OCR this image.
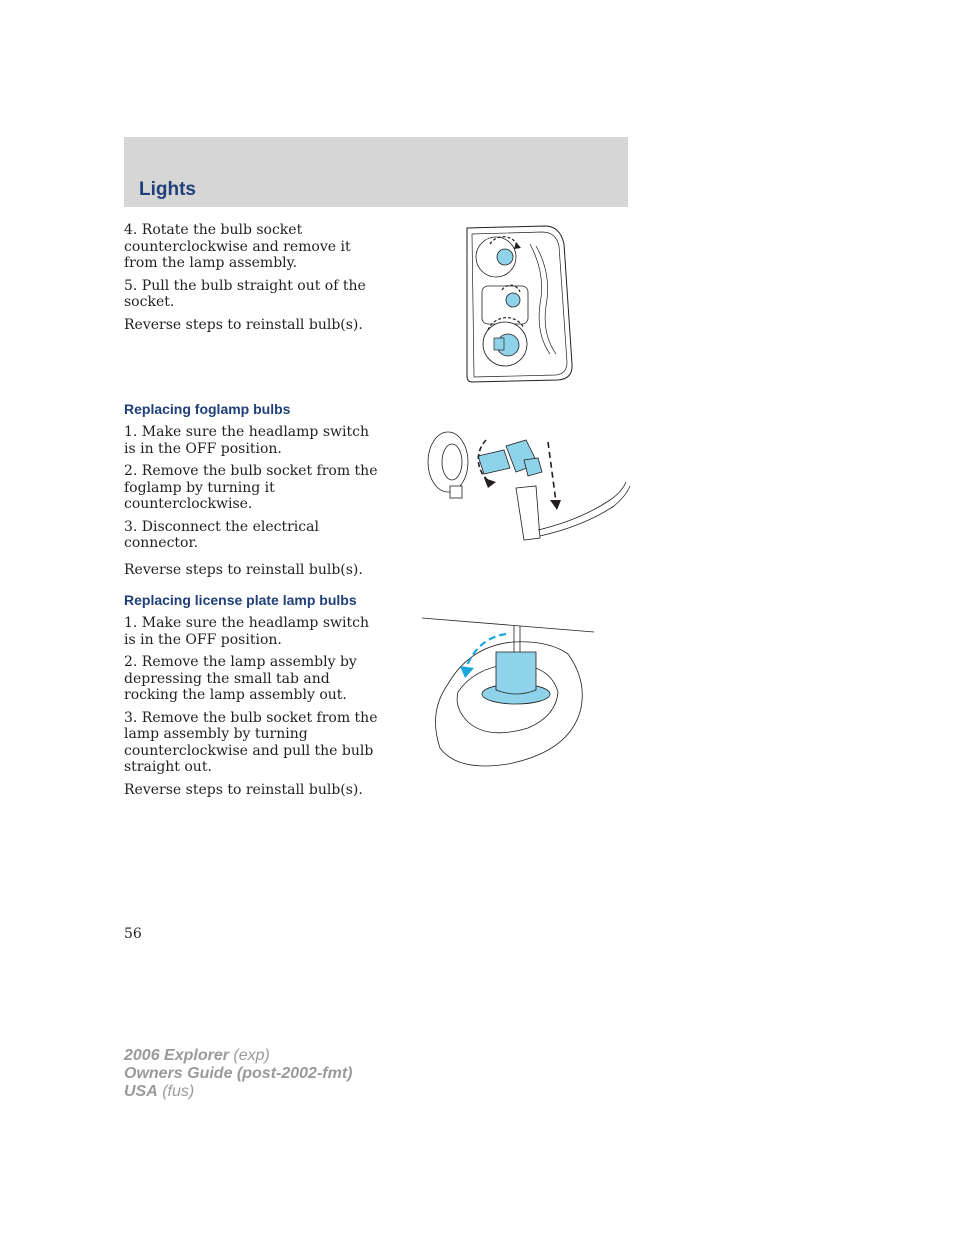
Lights

4. Rotate the bulb socket counterclockwise and remove it from the lamp assembly.

5. Pull the bulb straight out of the socket.

Reverse steps to reinstall bulb(s).

Replacing foglamp bulbs

1. Make sure the headlamp switch is in the OFF position.

2. Remove the bulb socket from the foglamp by turning it counterclockwise.

3. Disconnect the electrical connector.

Reverse steps to reinstall bulb(s).

Replacing license plate lamp bulbs

1. Make sure the headlamp switch is in the OFF position.

2. Remove the lamp assembly by depressing the small tab and rocking the lamp assembly out.

3. Remove the bulb socket from the lamp assembly by turning counterclockwise and pull the bulb straight out.

Reverse steps to reinstall bulb(s).

56

2006 Explorer (exp)
Owners Guide (post-2002-fmt)
USA (fus)
